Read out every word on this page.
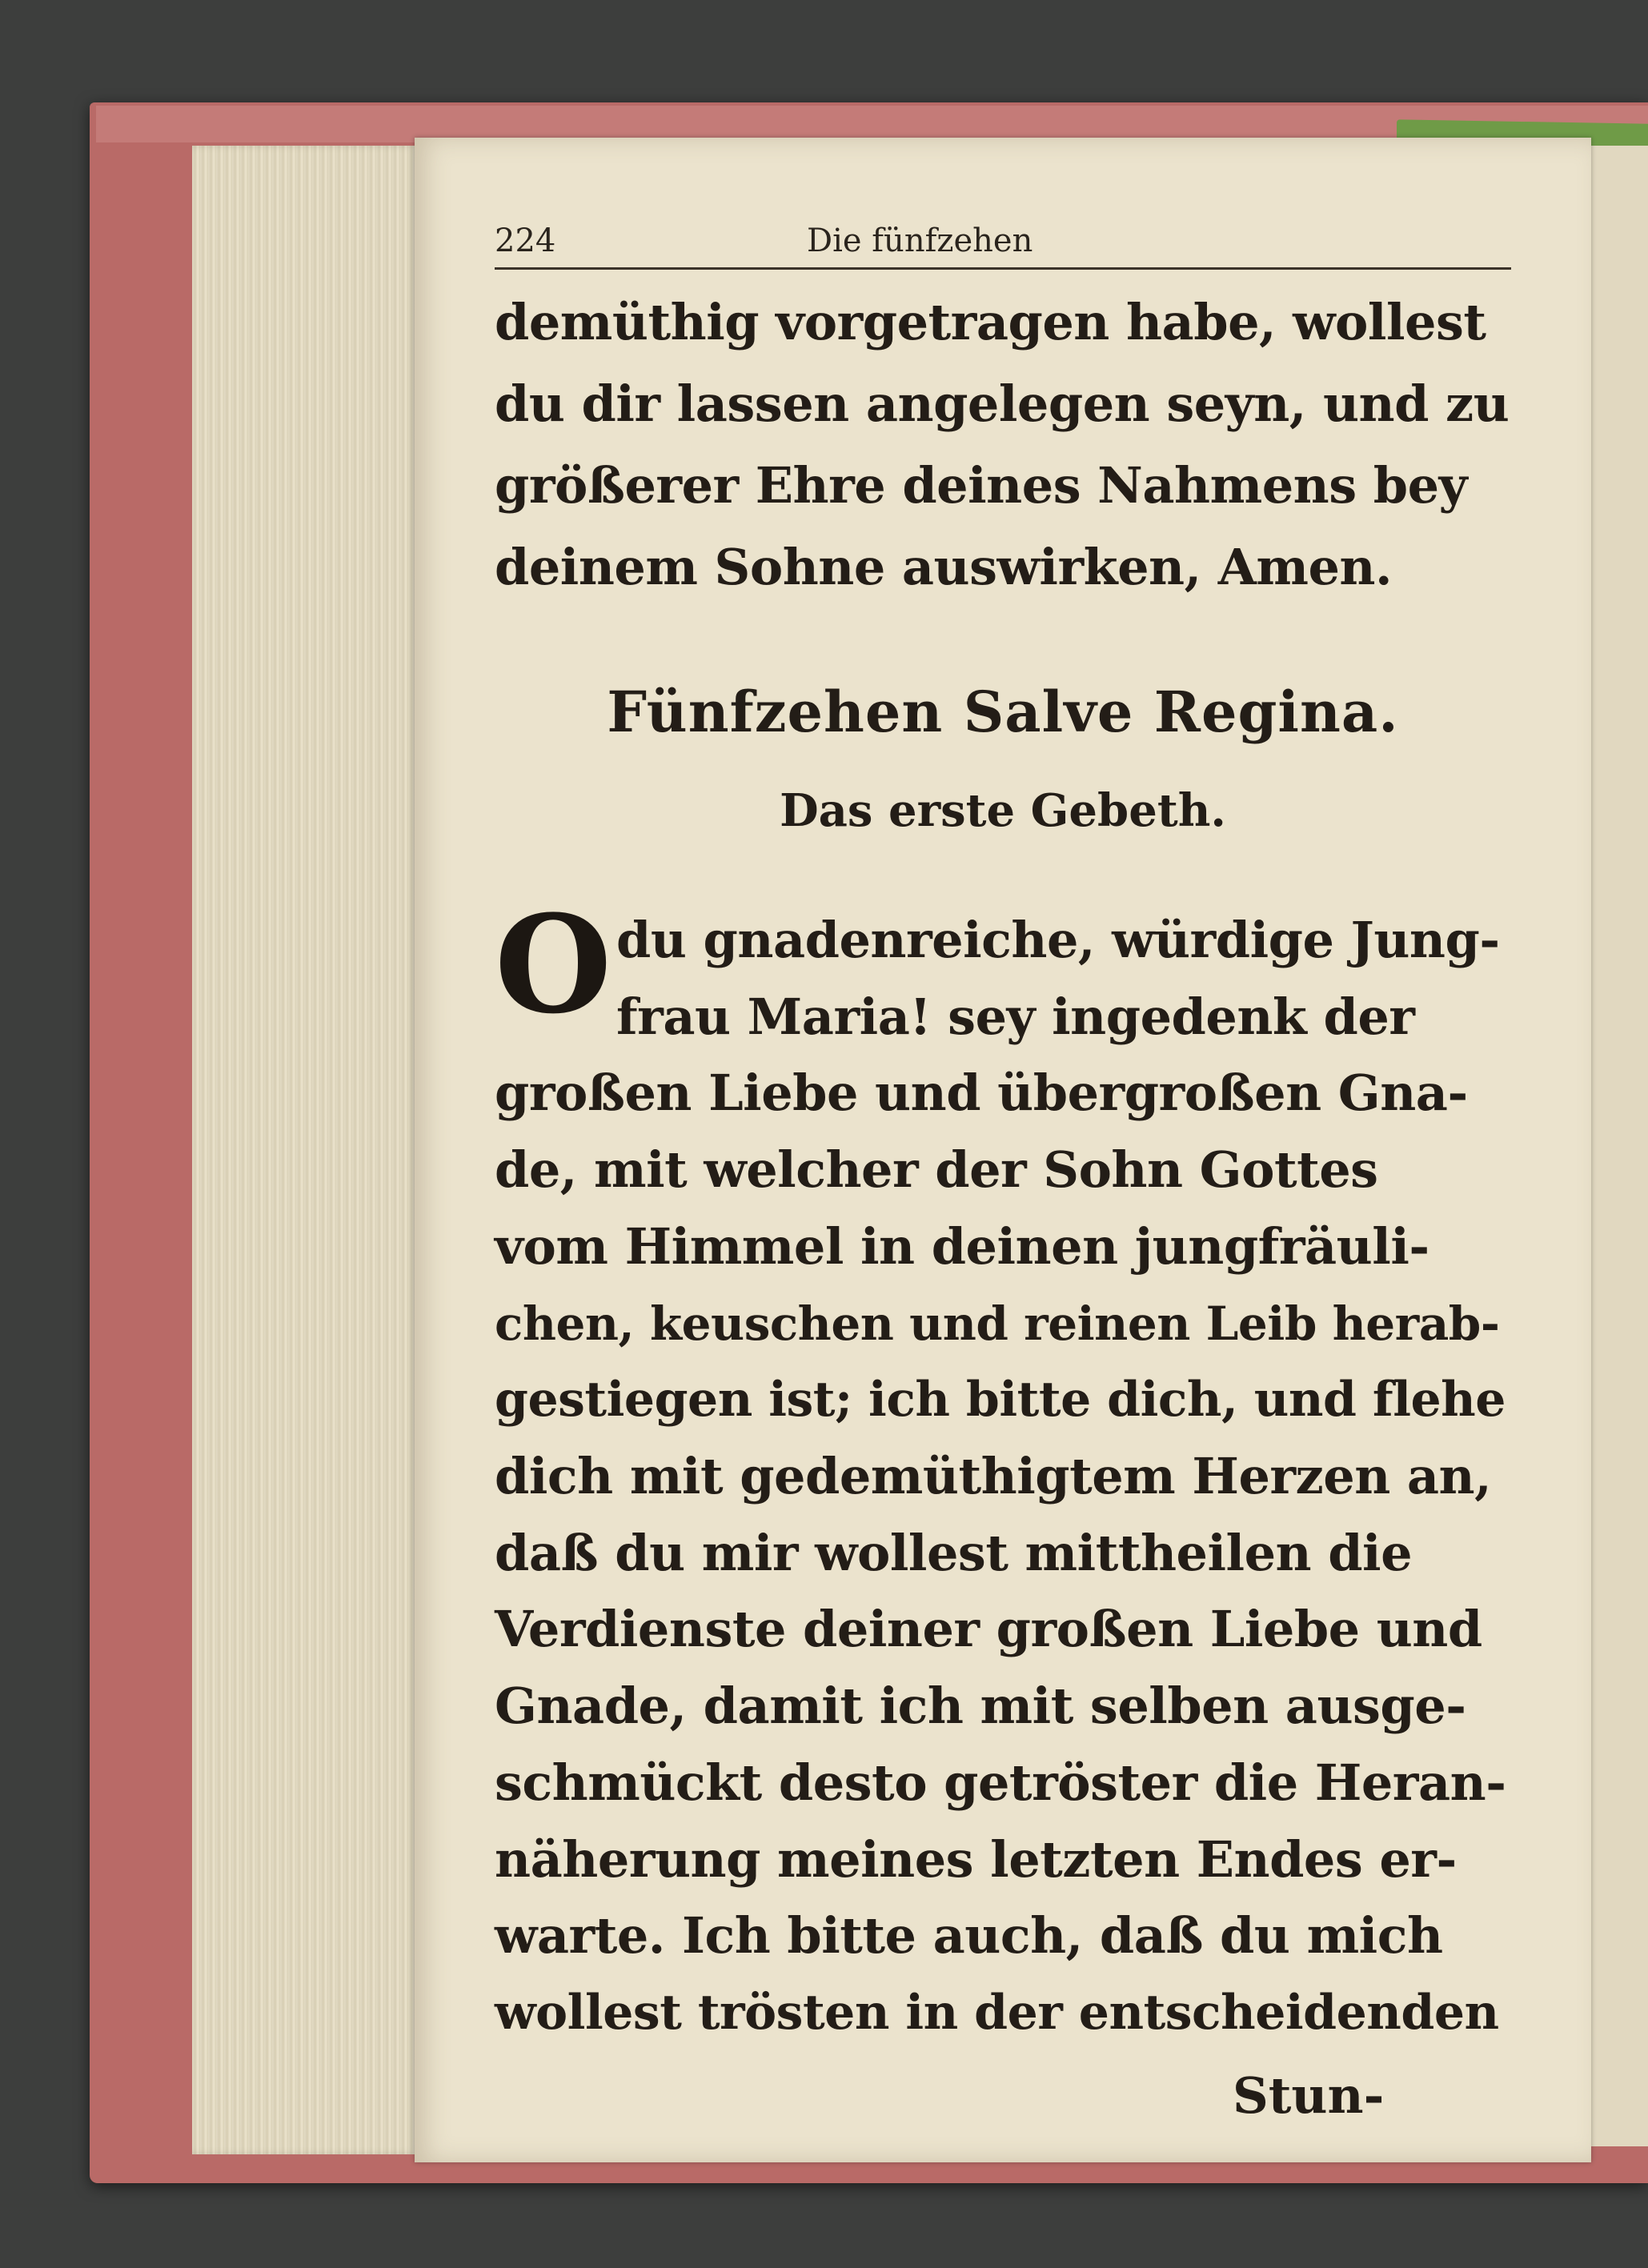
224	Die fünfzehen
demüthig vorgetragen habe, wollest
du dir lassen angelegen seyn, und zu
größerer Ehre deines Nahmens bey
deinem Sohne auswirken, Amen.
Fünfzehen Salve Regina.
Das erste Gebeth.
O du gnadenreiche, würdige Jung-
frau Maria! sey ingedenk der
großen Liebe und übergroßen Gna-
de, mit welcher der Sohn Gottes
vom Himmel in deinen jungfräuli-
chen, keuschen und reinen Leib herab-
gestiegen ist; ich bitte dich, und flehe
dich mit gedemüthigtem Herzen an,
daß du mir wollest mittheilen die
Verdienste deiner großen Liebe und
Gnade, damit ich mit selben ausge-
schmückt desto getröster die Heran-
näherung meines letzten Endes er-
warte. Ich bitte auch, daß du mich
wollest trösten in der entscheidenden
Stun-
